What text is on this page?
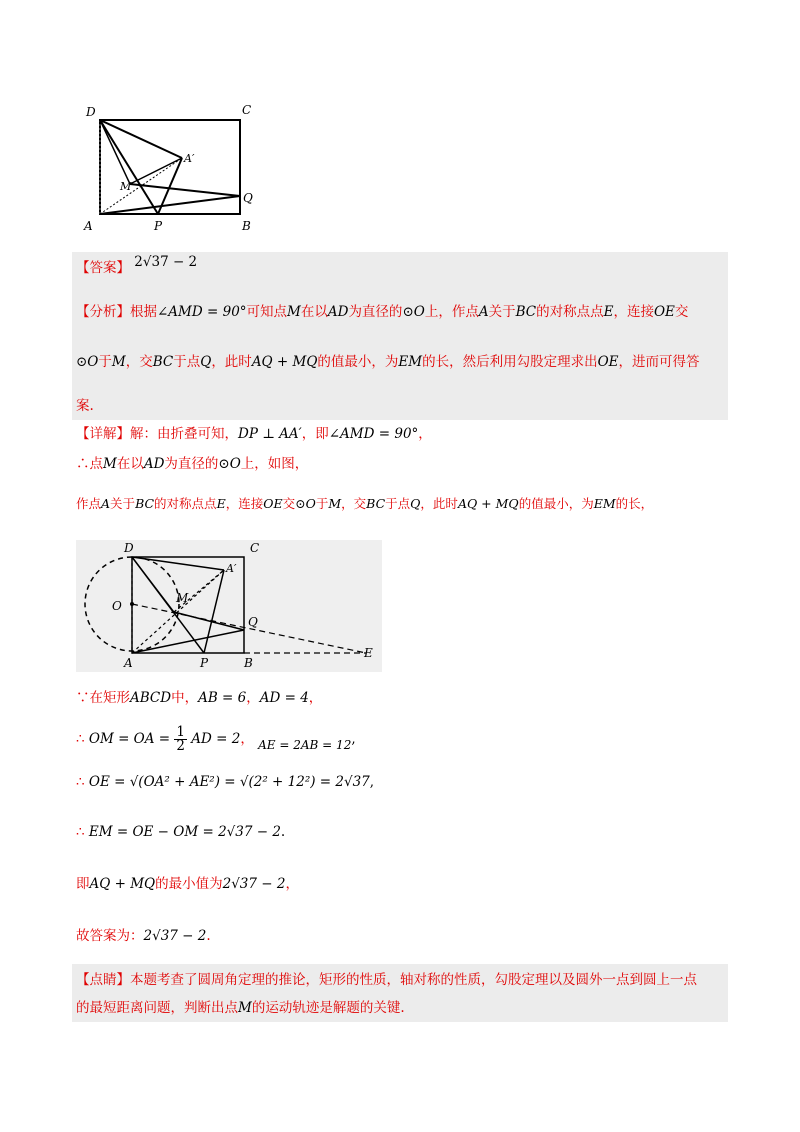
D	C
A′
M
Q
A	P	B
【答案】 2√37 − 2
【分析】根据∠AMD = 90°可知点M在以AD为直径的⊙O上，作点A关于BC的对称点点E，连接OE交
⊙O于M，交BC于点Q，此时AQ + MQ的值最小，为EM的长，然后利用勾股定理求出OE，进而可得答
案.
【详解】解：由折叠可知，DP ⊥ AA′，即∠AMD = 90°，
∴点M在以AD为直径的⊙O上，如图，
作点A关于BC的对称点点E，连接OE交⊙O于M，交BC于点Q，此时AQ + MQ的值最小，为EM的长，
D	C
A′
O
M
Q
A	P	B
E
∵在矩形ABCD中，AB = 6，AD = 4，
∴ OM = OA = $\frac{1}{2}$ AD = 2， AE = 2AB = 12,
∴ OE = √(OA² + AE²) = √(2² + 12²) = 2√37,
∴ EM = OE − OM = 2√37 − 2.
即AQ + MQ的最小值为2√37 − 2，
故答案为：2√37 − 2.
【点睛】本题考查了圆周角定理的推论，矩形的性质，轴对称的性质，勾股定理以及圆外一点到圆上一点
的最短距离问题，判断出点M的运动轨迹是解题的关键.
